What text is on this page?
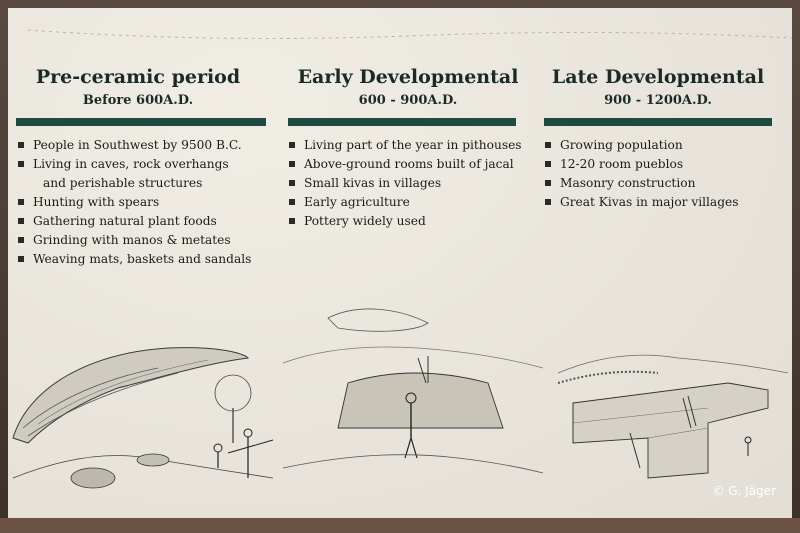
Pre-ceramic period
Before 600A.D.
People in Southwest by 9500 B.C.
Living in caves, rock overhangs
and perishable structures
Hunting with spears
Gathering natural plant foods
Grinding with manos & metates
Weaving mats, baskets and sandals
Early Developmental
600 - 900A.D.
Living part of the year in pithouses
Above-ground rooms built of jacal
Small kivas in villages
Early agriculture
Pottery widely used
Late Developmental
900 - 1200A.D.
Growing population
12-20 room pueblos
Masonry construction
Great Kivas in major villages
© G. Jäger
